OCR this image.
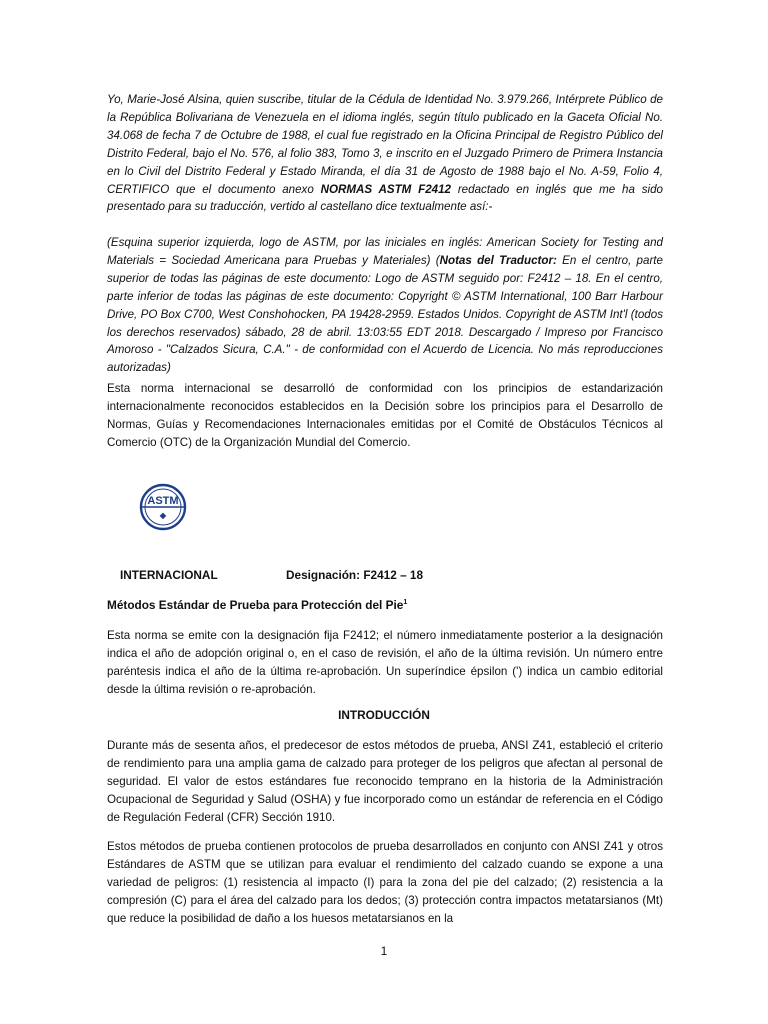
Yo, Marie-José Alsina, quien suscribe, titular de la Cédula de Identidad No. 3.979.266, Intérprete Público de la República Bolivariana de Venezuela en el idioma inglés, según título publicado en la Gaceta Oficial No. 34.068 de fecha 7 de Octubre de 1988, el cual fue registrado en la Oficina Principal de Registro Público del Distrito Federal, bajo el No. 576, al folio 383, Tomo 3, e inscrito en el Juzgado Primero de Primera Instancia en lo Civil del Distrito Federal y Estado Miranda, el día 31 de Agosto de 1988 bajo el No. A-59, Folio 4, CERTIFICO que el documento anexo NORMAS ASTM F2412 redactado en inglés que me ha sido presentado para su traducción, vertido al castellano dice textualmente así:-

(Esquina superior izquierda, logo de ASTM, por las iniciales en inglés: American Society for Testing and Materials = Sociedad Americana para Pruebas y Materiales) (Notas del Traductor: En el centro, parte superior de todas las páginas de este documento: Logo de ASTM seguido por: F2412 – 18. En el centro, parte inferior de todas las páginas de este documento: Copyright © ASTM International, 100 Barr Harbour Drive, PO Box C700, West Conshohocken, PA 19428-2959. Estados Unidos. Copyright de ASTM Int'l (todos los derechos reservados) sábado, 28 de abril. 13:03:55 EDT 2018. Descargado / Impreso por Francisco Amoroso - "Calzados Sicura, C.A." - de conformidad con el Acuerdo de Licencia. No más reproducciones autorizadas)

Esta norma internacional se desarrolló de conformidad con los principios de estandarización internacionalmente reconocidos establecidos en la Decisión sobre los principios para el Desarrollo de Normas, Guías y Recomendaciones Internacionales emitidas por el Comité de Obstáculos Técnicos al Comercio (OTC) de la Organización Mundial del Comercio.

ASTM
◆
INTERNACIONAL	Designación: F2412 – 18

Métodos Estándar de Prueba para Protección del Pie$^1$

Esta norma se emite con la designación fija F2412; el número inmediatamente posterior a la designación indica el año de adopción original o, en el caso de revisión, el año de la última revisión. Un número entre paréntesis indica el año de la última re-aprobación. Un superíndice épsilon (') indica un cambio editorial desde la última revisión o re-aprobación.

INTRODUCCIÓN

Durante más de sesenta años, el predecesor de estos métodos de prueba, ANSI Z41, estableció el criterio de rendimiento para una amplia gama de calzado para proteger de los peligros que afectan al personal de seguridad. El valor de estos estándares fue reconocido temprano en la historia de la Administración Ocupacional de Seguridad y Salud (OSHA) y fue incorporado como un estándar de referencia en el Código de Regulación Federal (CFR) Sección 1910.

Estos métodos de prueba contienen protocolos de prueba desarrollados en conjunto con ANSI Z41 y otros Estándares de ASTM que se utilizan para evaluar el rendimiento del calzado cuando se expone a una variedad de peligros: (1) resistencia al impacto (I) para la zona del pie del calzado; (2) resistencia a la compresión (C) para el área del calzado para los dedos; (3) protección contra impactos metatarsianos (Mt) que reduce la posibilidad de daño a los huesos metatarsianos en la

1
